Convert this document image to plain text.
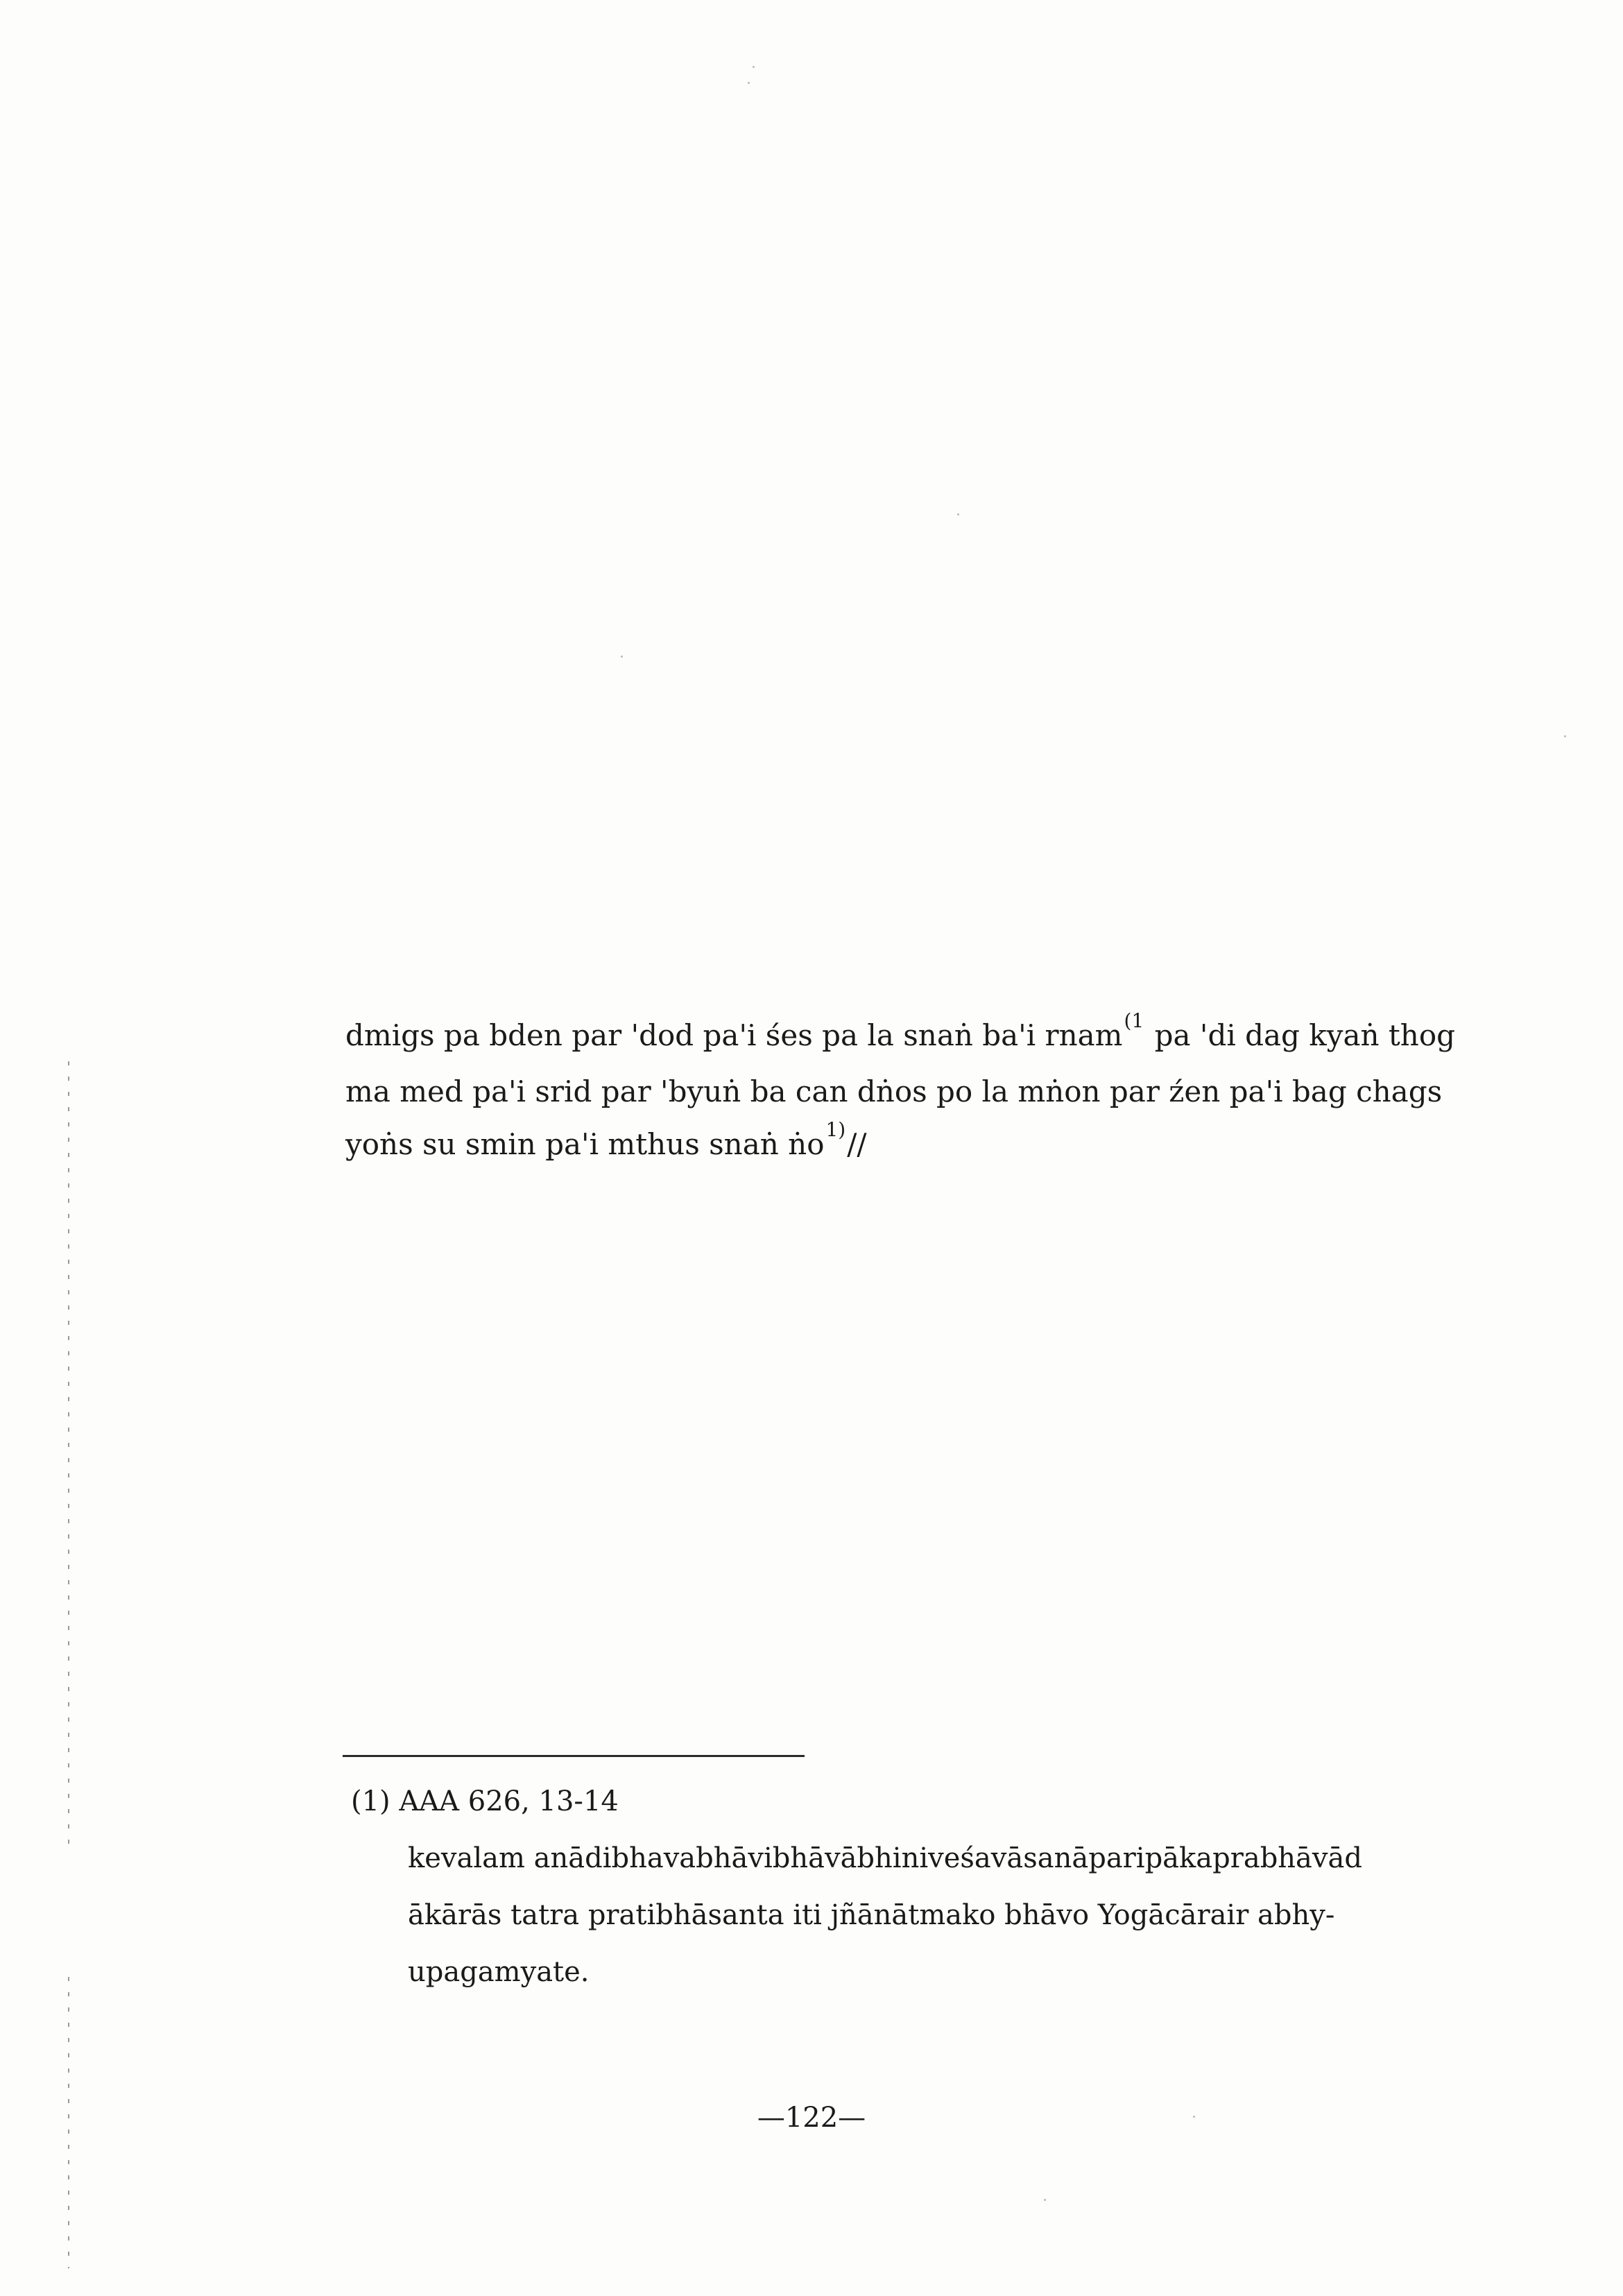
dmigs pa bden par 'dod pa'i śes pa la snaṅ ba'i rnam$^{(1}$ pa 'di dag kyaṅ thog
ma med pa'i srid par 'byuṅ ba can dṅos po la mṅon par źen pa'i bag chags
yoṅs su smin pa'i mthus snaṅ ṅo$^{1)}$//
(1) AAA 626, 13-14
kevalam anādibhavabhāvibhāvābhiniveśavāsanāparipākaprabhāvād
ākārās tatra pratibhāsanta iti jñānātmako bhāvo Yogācārair abhy-
upagamyate.
—122—
